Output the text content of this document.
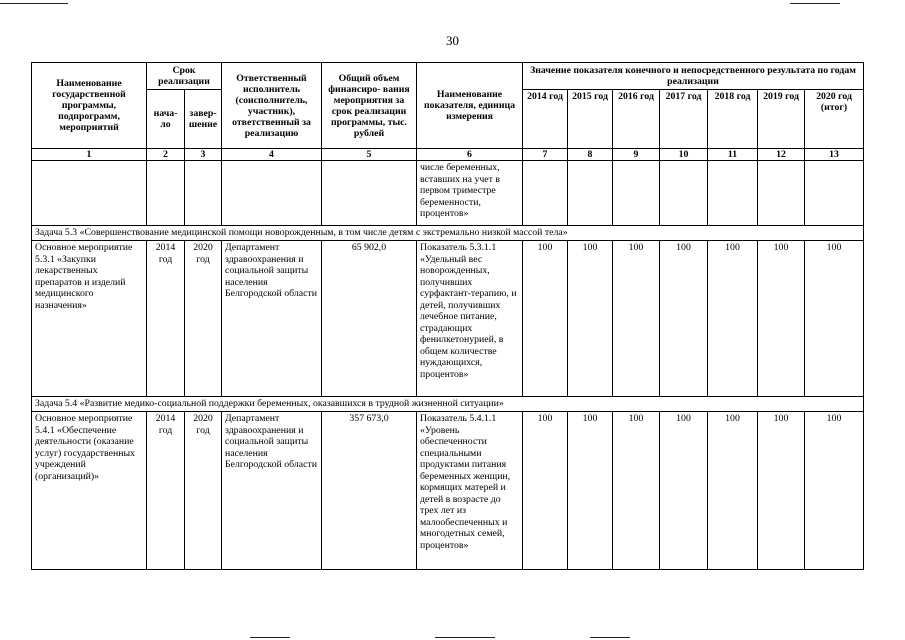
30
Наименование государственной программы, подпрограмм, мероприятий	Срок реализации		Ответственный исполнитель (соисполнитель, участник), ответственный за реализацию	Общий объем финансиро- вания мероприятия за срок реализации программы, тыс. рублей	Наименование показателя, единица измерения	Значение показателя конечного и непосредственного результата по годам реализации						
	нача- ло	завер- шение				2014 год	2015 год	2016 год	2017 год	2018 год	2019 год	2020 год (итог)
1	2	3	4	5	6	7	8	9	10	11	12	13
					числе беременных, вставших на учет в первом триместре беременности, процентов»							
Задача 5.3 «Совершенствование медицинской помощи новорожденным, в том числе детям с экстремально низкой массой тела»												
Основное мероприятие 5.3.1 «Закупки лекарственных препаратов и изделий медицинского назначения»	2014 год	2020 год	Департамент здравоохранения и социальной защиты населения Белгородской области	65 902,0	Показатель 5.3.1.1 «Удельный вес новорожденных, получивших сурфактант-терапию, и детей, получивших лечебное питание, страдающих фенилкетонурией, в общем количестве нуждающихся, процентов»	100	100	100	100	100	100	100
Задача 5.4 «Развитие медико-социальной поддержки беременных, оказавшихся в трудной жизненной ситуации»												
Основное мероприятие 5.4.1 «Обеспечение деятельности (оказание услуг) государственных учреждений (организаций)»	2014 год	2020 год	Департамент здравоохранения и социальной защиты населения Белгородской области	357 673,0	Показатель 5.4.1.1 «Уровень обеспеченности специальными продуктами питания беременных женщин, кормящих матерей и детей в возрасте до трех лет из малообеспеченных и многодетных семей, процентов»	100	100	100	100	100	100	100
